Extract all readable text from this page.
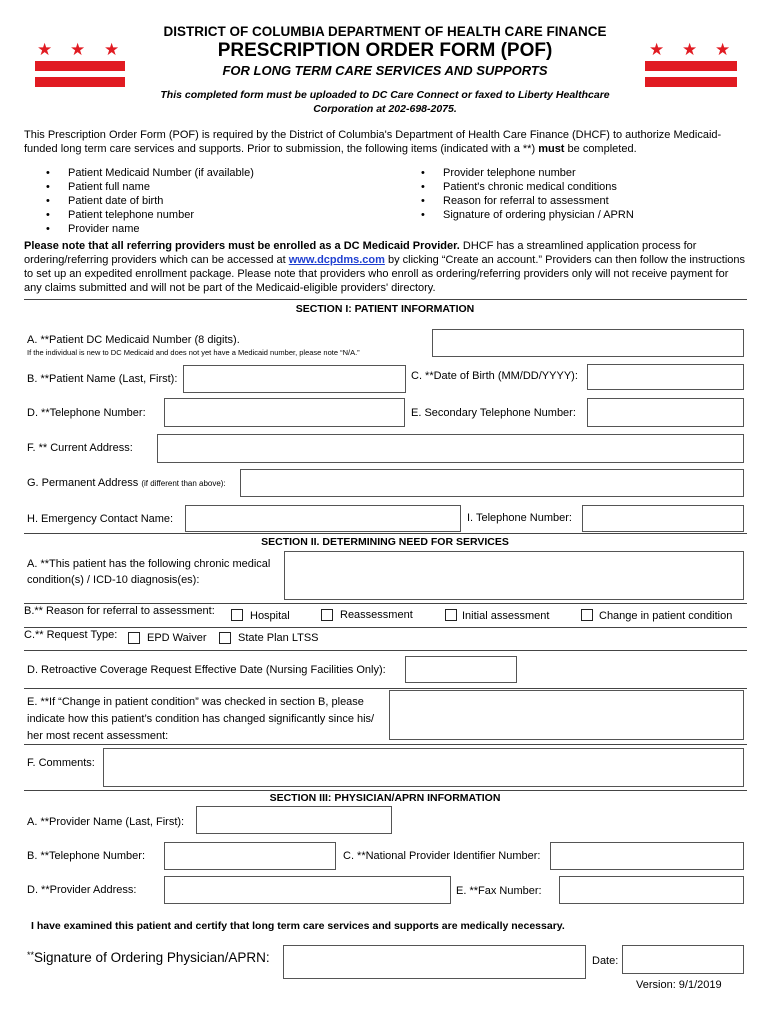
★ ★ ★	★ ★ ★
DISTRICT OF COLUMBIA DEPARTMENT OF HEALTH CARE FINANCE
PRESCRIPTION ORDER FORM (POF)
FOR LONG TERM CARE SERVICES AND SUPPORTS
This completed form must be uploaded to DC Care Connect or faxed to Liberty Healthcare
Corporation at 202-698-2075.
This Prescription Order Form (POF) is required by the District of Columbia's Department of Health Care Finance (DHCF) to authorize Medicaid-funded long term care services and supports. Prior to submission, the following items (indicated with a **) must be completed.
• Patient Medicaid Number (if available)
• Patient full name
• Patient date of birth
• Patient telephone number
• Provider name
• Provider telephone number
• Patient's chronic medical conditions
• Reason for referral to assessment
• Signature of ordering physician / APRN
Please note that all referring providers must be enrolled as a DC Medicaid Provider. DHCF has a streamlined application process for ordering/referring providers which can be accessed at www.dcpdms.com by clicking “Create an account.” Providers can then follow the instructions to set up an expedited enrollment package. Please note that providers who enroll as ordering/referring providers only will not receive payment for any claims submitted and will not be part of the Medicaid-eligible providers' directory.
SECTION I: PATIENT INFORMATION
A. **Patient DC Medicaid Number (8 digits).
If the individual is new to DC Medicaid and does not yet have a Medicaid number, please note “N/A.”
B. **Patient Name (Last, First):	C. **Date of Birth (MM/DD/YYYY):
D. **Telephone Number:	E. Secondary Telephone Number:
F. ** Current Address:
G. Permanent Address (if different than above):
H. Emergency Contact Name:	I. Telephone Number:
SECTION II. DETERMINING NEED FOR SERVICES
A. **This patient has the following chronic medical
condition(s) / ICD-10 diagnosis(es):
B.** Reason for referral to assessment:	Hospital	Reassessment	Initial assessment	Change in patient condition
C.** Request Type:	EPD Waiver	State Plan LTSS
D. Retroactive Coverage Request Effective Date (Nursing Facilities Only):
E. **If “Change in patient condition” was checked in section B, please
indicate how this patient’s condition has changed significantly since his/
her most recent assessment:
F. Comments:
SECTION III: PHYSICIAN/APRN INFORMATION
A. **Provider Name (Last, First):
B. **Telephone Number:	C. **National Provider Identifier Number:
D. **Provider Address:	E. **Fax Number:
I have examined this patient and certify that long term care services and supports are medically necessary.
**Signature of Ordering Physician/APRN:	Date:
Version: 9/1/2019
